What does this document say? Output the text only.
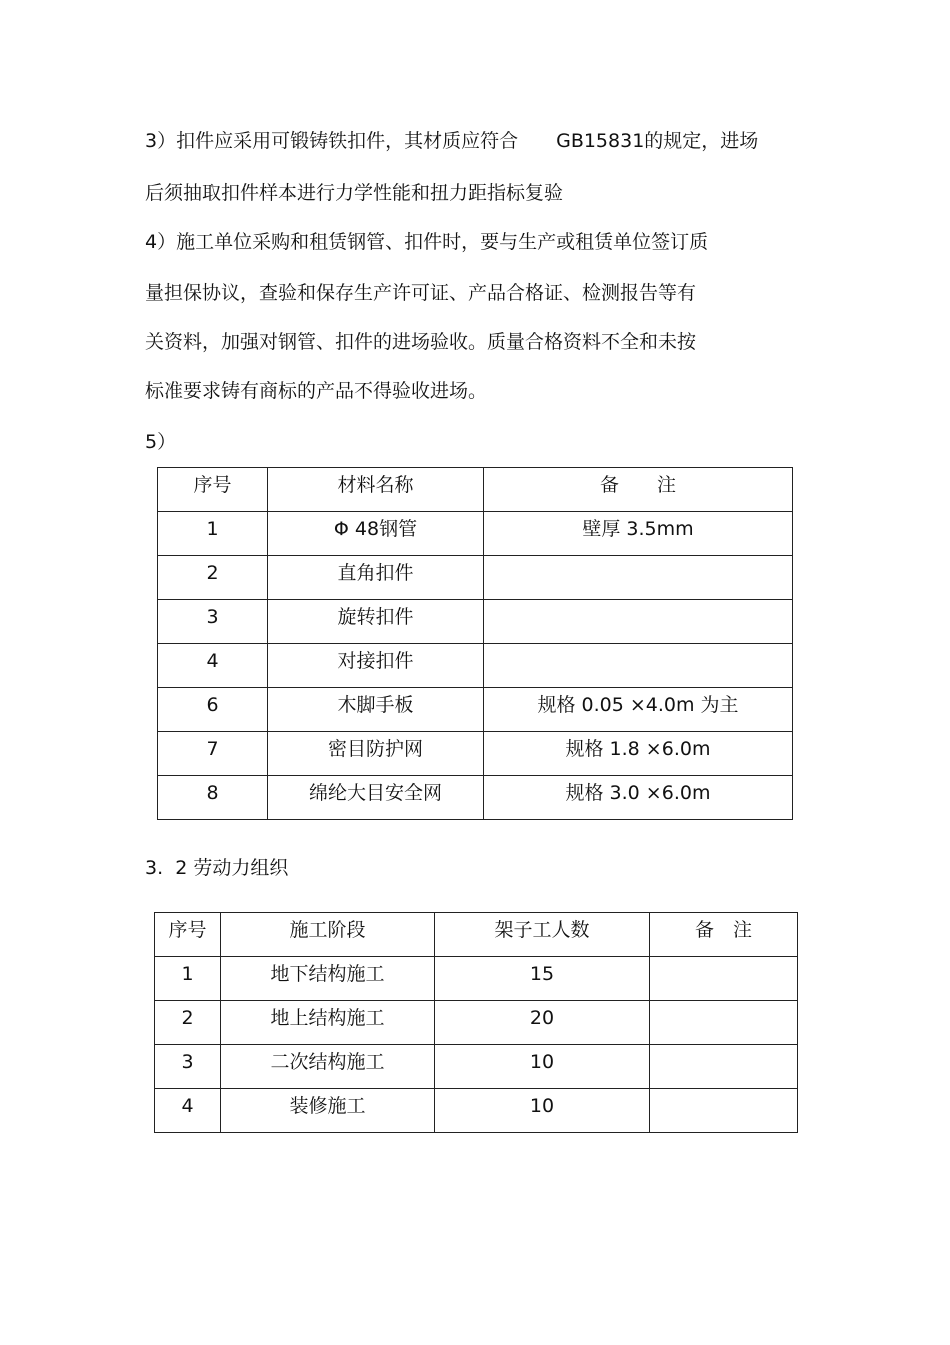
3）扣件应采用可锻铸铁扣件，其材质应符合　　GB15831的规定，进场
后须抽取扣件样本进行力学性能和扭力距指标复验
4）施工单位采购和租赁钢管、扣件时，要与生产或租赁单位签订质
量担保协议，查验和保存生产许可证、产品合格证、检测报告等有
关资料，加强对钢管、扣件的进场验收。质量合格资料不全和未按
标准要求铸有商标的产品不得验收进场。
5）
序号	材料名称	备　　注
1	Φ 48钢管	壁厚 3.5mm
2	直角扣件	
3	旋转扣件	
4	对接扣件	
6	木脚手板	规格 0.05 ×4.0m 为主
7	密目防护网	规格 1.8 ×6.0m
8	绵纶大目安全网	规格 3.0 ×6.0m
3.  2 劳动力组织
序号	施工阶段	架子工人数	备　注
1	地下结构施工	15	
2	地上结构施工	20	
3	二次结构施工	10	
4	装修施工	10	
